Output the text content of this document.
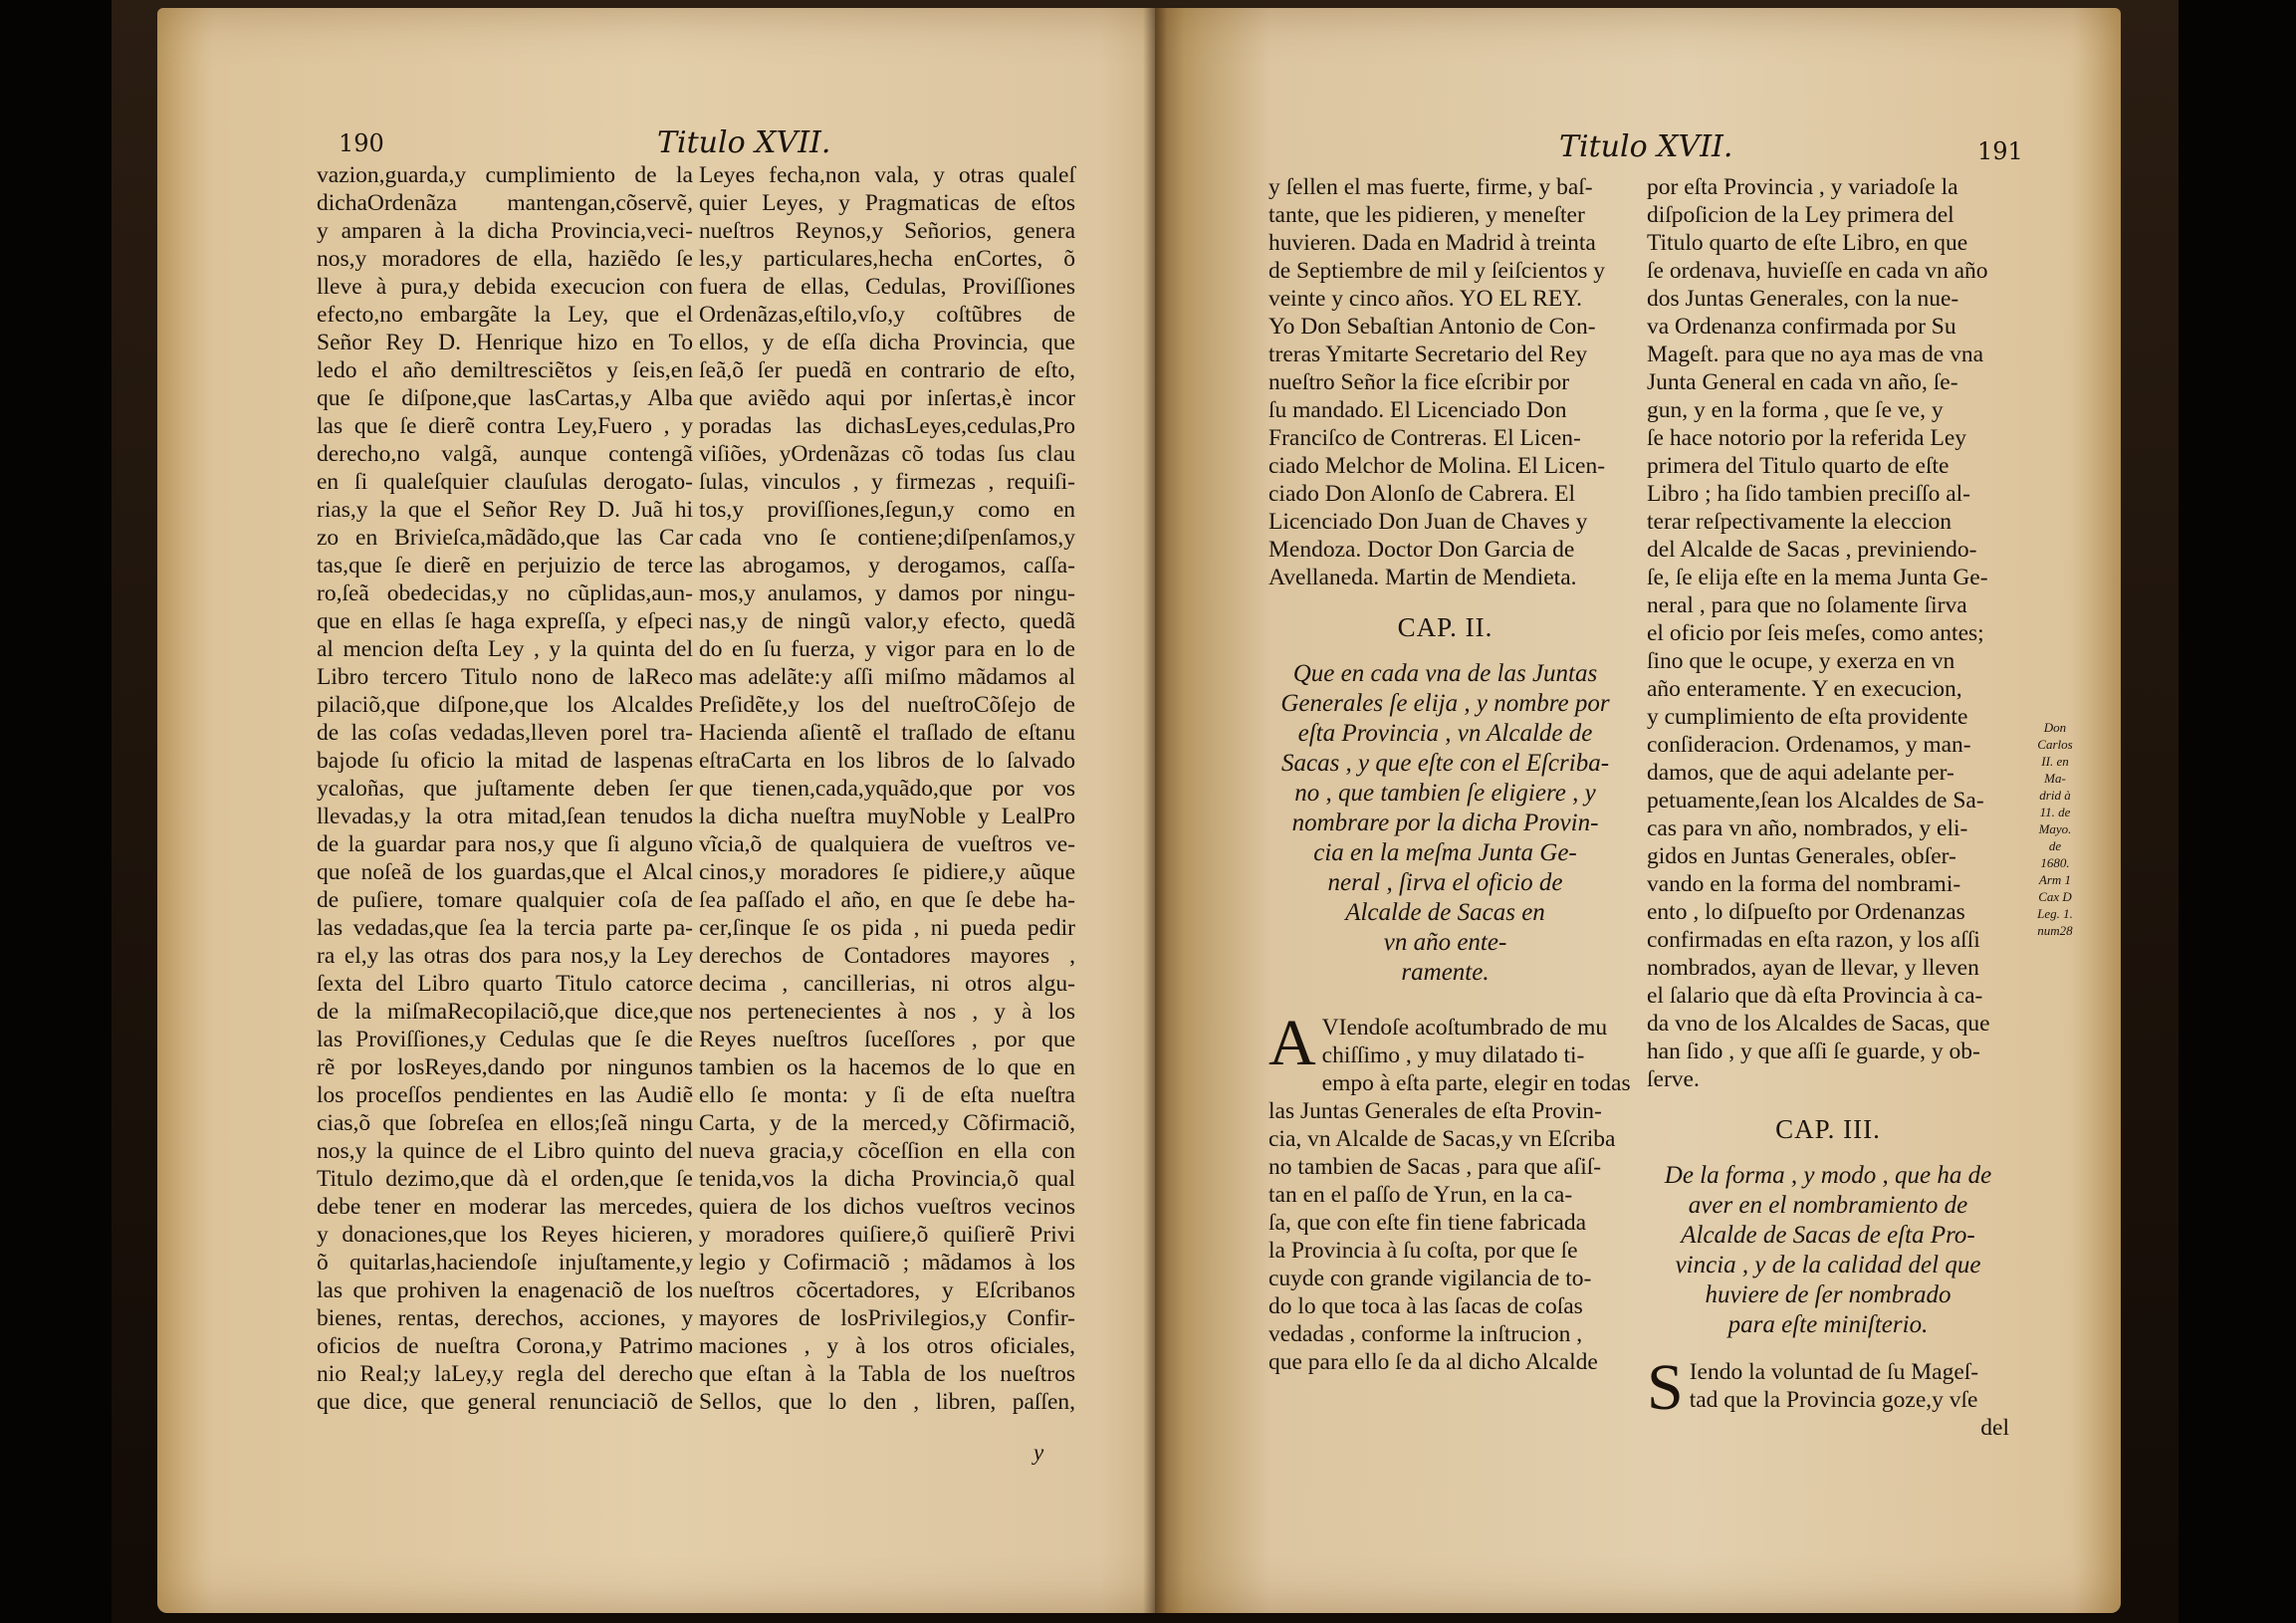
190	Titulo XVII.
vazion,guarda,y cumplimiento de la
dichaOrdenãza mantengan,cõservẽ,
y amparen à la dicha Provincia,veci-
nos,y moradores de ella, haziẽdo ſe
lleve à pura,y debida execucion con
efecto,no embargãte la Ley, que el
Señor Rey D. Henrique hizo en To
ledo el año demiltresciẽtos y ſeis,en
que ſe diſpone,que lasCartas,y Alba
las que ſe dierẽ contra Ley,Fuero , y
derecho,no valgã, aunque contengã
en ſi qualeſquier clauſulas derogato-
rias,y la que el Señor Rey D. Juã hi
zo en Brivieſca,mãdãdo,que las Car
tas,que ſe dierẽ en perjuizio de terce
ro,ſeã obedecidas,y no cũplidas,aun-
que en ellas ſe haga expreſſa, y eſpeci
al mencion deſta Ley , y la quinta del
Libro tercero Titulo nono de laReco
pilaciõ,que diſpone,que los Alcaldes
de las coſas vedadas,lleven porel tra-
bajode ſu oficio la mitad de laspenas
ycaloñas, que juſtamente deben ſer
llevadas,y la otra mitad,ſean tenudos
de la guardar para nos,y que ſi alguno
que noſeã de los guardas,que el Alcal
de puſiere, tomare qualquier coſa de
las vedadas,que ſea la tercia parte pa-
ra el,y las otras dos para nos,y la Ley
ſexta del Libro quarto Titulo catorce
de la miſmaRecopilaciõ,que dice,que
las Proviſſiones,y Cedulas que ſe die
rẽ por losReyes,dando por ningunos
los proceſſos pendientes en las Audiẽ
cias,õ que ſobreſea en ellos;ſeã ningu
nos,y la quince de el Libro quinto del
Titulo dezimo,que dà el orden,que ſe
debe tener en moderar las mercedes,
y donaciones,que los Reyes hicieren,
õ quitarlas,haciendoſe injuſtamente,y
las que prohiven la enagenaciõ de los
bienes, rentas, derechos, acciones, y
oficios de nueſtra Corona,y Patrimo
nio Real;y laLey,y regla del derecho
que dice, que general renunciaciõ de
Leyes fecha,non vala, y otras qualeſ
quier Leyes, y Pragmaticas de eſtos
nueſtros Reynos,y Señorios, genera
les,y particulares,hecha enCortes, õ
fuera de ellas, Cedulas, Proviſſiones
Ordenãzas,eſtilo,vſo,y coſtũbres de
ellos, y de eſſa dicha Provincia, que
ſeã,õ ſer puedã en contrario de eſto,
que aviẽdo aqui por inſertas,è incor
poradas las dichasLeyes,cedulas,Pro
viſiões, yOrdenãzas cõ todas ſus clau
ſulas, vinculos , y firmezas , requiſi-
tos,y proviſſiones,ſegun,y como en
cada vno ſe contiene;diſpenſamos,y
las abrogamos, y derogamos, caſſa-
mos,y anulamos, y damos por ningu-
nas,y de ningũ valor,y efecto, quedã
do en ſu fuerza, y vigor para en lo de
mas adelãte:y aſſi miſmo mãdamos al
Preſidẽte,y los del nueſtroCõſejo de
Hacienda aſientẽ el traſlado de eſtanu
eſtraCarta en los libros de lo ſalvado
que tienen,cada,yquãdo,que por vos
la dicha nueſtra muyNoble y LealPro
vĩcia,õ de qualquiera de vueſtros ve-
cinos,y moradores ſe pidiere,y aũque
ſea paſſado el año, en que ſe debe ha-
cer,ſinque ſe os pida , ni pueda pedir
derechos de Contadores mayores ,
decima , cancillerias, ni otros algu-
nos pertenecientes à nos , y à los
Reyes nueſtros ſuceſſores , por que
tambien os la hacemos de lo que en
ello ſe monta: y ſi de eſta nueſtra
Carta, y de la merced,y Cõfirmaciõ,
nueva gracia,y cõceſſion en ella con
tenida,vos la dicha Provincia,õ qual
quiera de los dichos vueſtros vecinos
y moradores quiſiere,õ quiſierẽ Privi
legio y Cofirmaciõ ; mãdamos à los
nueſtros cõcertadores, y Eſcribanos
mayores de losPrivilegios,y Confir-
maciones , y à los otros oficiales,
que eſtan à la Tabla de los nueſtros
Sellos, que lo den , libren, paſſen,
y
Titulo XVII.	191
y ſellen el mas fuerte, firme, y baſ-
tante, que les pidieren, y meneſter
huvieren. Dada en Madrid à treinta
de Septiembre de mil y ſeiſcientos y
veinte y cinco años. YO EL REY.
Yo Don Sebaſtian Antonio de Con-
treras Ymitarte Secretario del Rey
nueſtro Señor la fice eſcribir por
ſu mandado. El Licenciado Don
Franciſco de Contreras. El Licen-
ciado Melchor de Molina. El Licen-
ciado Don Alonſo de Cabrera. El
Licenciado Don Juan de Chaves y
Mendoza. Doctor Don Garcia de
Avellaneda. Martin de Mendieta.
CAP. II.
Que en cada vna de las Juntas
Generales ſe elija , y nombre por
eſta Provincia , vn Alcalde de
Sacas , y que eſte con el Eſcriba-
no , que tambien ſe eligiere , y
nombrare por la dicha Provin-
cia en la meſma Junta Ge-
neral , ſirva el oficio de
Alcalde de Sacas en
vn año ente-
ramente.
A VIendoſe acoſtumbrado de mu
chiſſimo , y muy dilatado ti-
empo à eſta parte, elegir en todas
las Juntas Generales de eſta Provin-
cia, vn Alcalde de Sacas,y vn Eſcriba
no tambien de Sacas , para que aſiſ-
tan en el paſſo de Yrun, en la ca-
ſa, que con eſte fin tiene fabricada
la Provincia à ſu coſta, por que ſe
cuyde con grande vigilancia de to-
do lo que toca à las ſacas de coſas
vedadas , conforme la inſtrucion ,
que para ello ſe da al dicho Alcalde
por eſta Provincia , y variadoſe la
diſpoſicion de la Ley primera del
Titulo quarto de eſte Libro, en que
ſe ordenava, huvieſſe en cada vn año
dos Juntas Generales, con la nue-
va Ordenanza confirmada por Su
Mageſt. para que no aya mas de vna
Junta General en cada vn año, ſe-
gun, y en la forma , que ſe ve, y
ſe hace notorio por la referida Ley
primera del Titulo quarto de eſte
Libro ; ha ſido tambien preciſſo al-
terar reſpectivamente la eleccion
del Alcalde de Sacas , previniendo-
ſe, ſe elija eſte en la mema Junta Ge-
neral , para que no ſolamente ſirva
el oficio por ſeis meſes, como antes;
ſino que le ocupe, y exerza en vn
año enteramente. Y en execucion,
y cumplimiento de eſta providente
conſideracion. Ordenamos, y man-
damos, que de aqui adelante per-
petuamente,ſean los Alcaldes de Sa-
cas para vn año, nombrados, y eli-
gidos en Juntas Generales, obſer-
vando en la forma del nombrami-
ento , lo diſpueſto por Ordenanzas
confirmadas en eſta razon, y los aſſi
nombrados, ayan de llevar, y lleven
el ſalario que dà eſta Provincia à ca-
da vno de los Alcaldes de Sacas, que
han ſido , y que aſſi ſe guarde, y ob-
ſerve.
CAP. III.
De la forma , y modo , que ha de
aver en el nombramiento de
Alcalde de Sacas de eſta Pro-
vincia , y de la calidad del que
huviere de ſer nombrado
para eſte miniſterio.
S Iendo la voluntad de ſu Mageſ-
tad que la Provincia goze,y vſe
del
Don
Carlos
II. en
Ma-
drid à
11. de
Mayo.
de
1680.
Arm 1
Cax D
Leg. 1.
num28
